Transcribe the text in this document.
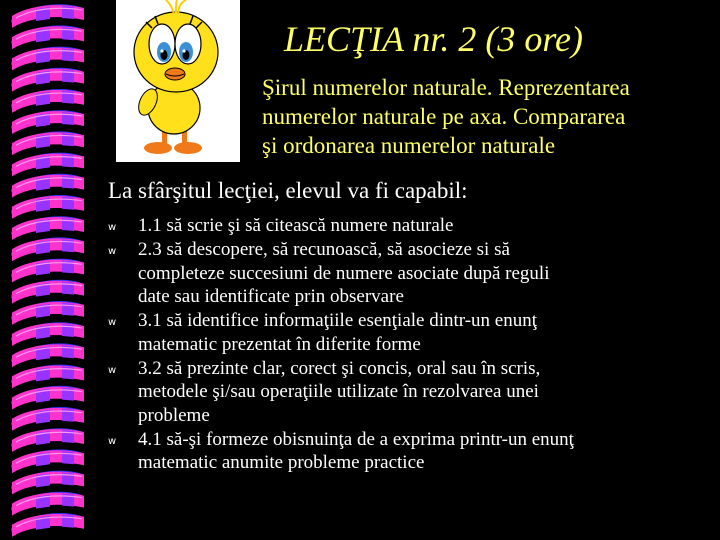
LECŢIA nr. 2 (3 ore)
Şirul numerelor naturale. Reprezentarea
numerelor naturale pe axa. Compararea
şi ordonarea numerelor naturale
La sfârşitul lecţiei, elevul va fi capabil:
w 1.1 să scrie şi să citească numere naturale
w 2.3 să descopere, să recunoască, să asocieze si să
completeze succesiuni de numere asociate după reguli
date sau identificate prin observare
w 3.1 să identifice informaţiile esenţiale dintr-un enunţ
matematic prezentat în diferite forme
w 3.2 să prezinte clar, corect şi concis, oral sau în scris,
metodele şi/sau operaţiile utilizate în rezolvarea unei
probleme
w 4.1 să-şi formeze obisnuinţa de a exprima printr-un enunţ
matematic anumite probleme practice
